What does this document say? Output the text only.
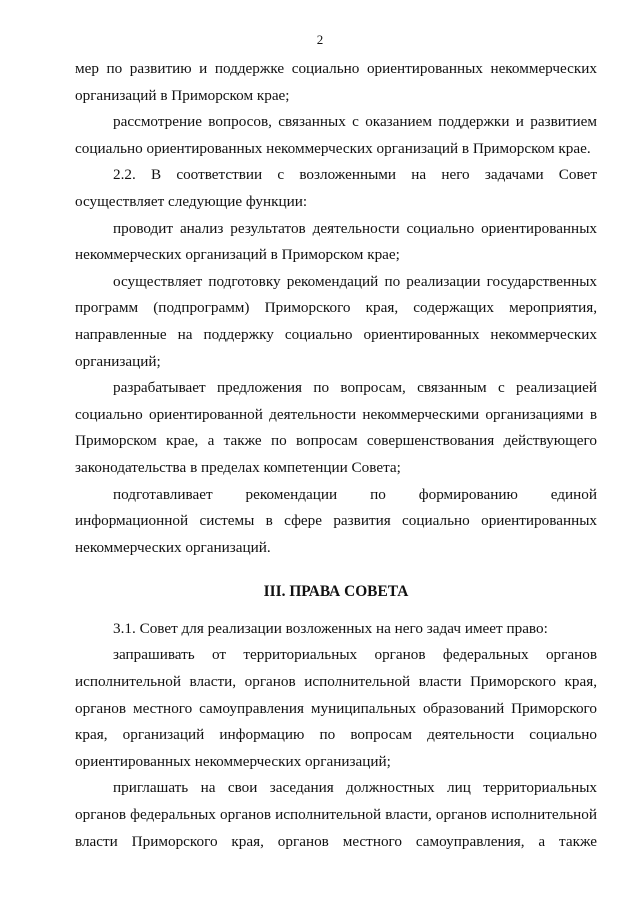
2

мер по развитию и поддержке социально ориентированных некоммерческих организаций в Приморском крае;

рассмотрение вопросов, связанных с оказанием поддержки и развитием социально ориентированных некоммерческих организаций в Приморском крае.

2.2. В соответствии с возложенными на него задачами Совет осуществляет следующие функции:

проводит анализ результатов деятельности социально ориентированных некоммерческих организаций в Приморском крае;

осуществляет подготовку рекомендаций по реализации государственных программ (подпрограмм) Приморского края, содержащих мероприятия, направленные на поддержку социально ориентированных некоммерческих организаций;

разрабатывает предложения по вопросам, связанным с реализацией социально ориентированной деятельности некоммерческими организациями в Приморском крае, а также по вопросам совершенствования действующего законодательства в пределах компетенции Совета;

подготавливает рекомендации по формированию единой информационной системы в сфере развития социально ориентированных некоммерческих организаций.

III. ПРАВА СОВЕТА

3.1. Совет для реализации возложенных на него задач имеет право:

запрашивать от территориальных органов федеральных органов исполнительной власти, органов исполнительной власти Приморского края, органов местного самоуправления муниципальных образований Приморского края, организаций информацию по вопросам деятельности социально ориентированных некоммерческих организаций;

приглашать на свои заседания должностных лиц территориальных органов федеральных органов исполнительной власти, органов исполнительной власти Приморского края, органов местного самоуправления, а также
